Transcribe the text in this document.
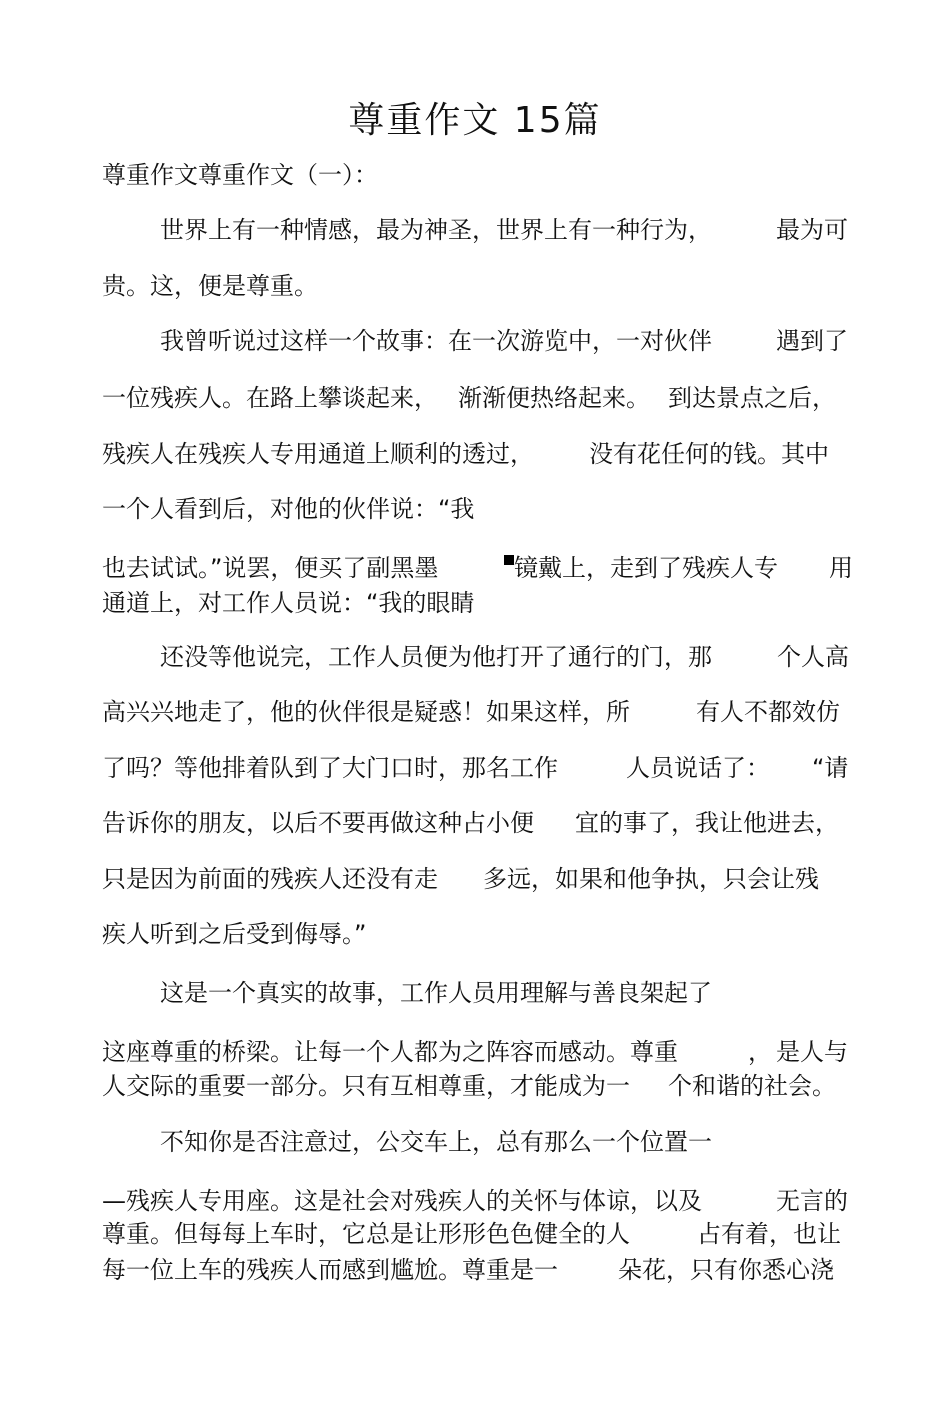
尊重作文 15篇
尊重作文尊重作文（一）：
世界上有一种情感，最为神圣，世界上有一种行为，	最为可
贵。这，便是尊重。
我曾听说过这样一个故事：在一次游览中，一对伙伴	遇到了
一位残疾人。在路上攀谈起来， 渐渐便热络起来。 到达景点之后，
残疾人在残疾人专用通道上顺利的透过， 没有花任何的钱。其中
一个人看到后，对他的伙伴说：“我
也去试试。”说罢，便买了副黑墨	镜戴上，走到了残疾人专 用
通道上，对工作人员说：“我的眼睛
还没等他说完，工作人员便为他打开了通行的门，那	个人高
高兴兴地走了，他的伙伴很是疑惑！如果这样，所	有人不都效仿
了吗？等他排着队到了大门口时，那名工作	人员说话了： “请
告诉你的朋友，以后不要再做这种占小便 宜的事了，我让他进去，
只是因为前面的残疾人还没有走 多远，如果和他争执，只会让残
疾人听到之后受到侮辱。”
这是一个真实的故事，工作人员用理解与善良架起了
这座尊重的桥梁。让每一个人都为之阵容而感动。尊重	， 是人与
人交际的重要一部分。只有互相尊重，才能成为一 个和谐的社会。
不知你是否注意过，公交车上，总有那么一个位置一
—残疾人专用座。这是社会对残疾人的关怀与体谅，以及	无言的
尊重。但每每上车时，它总是让形形色色健全的人	占有着，也让
每一位上车的残疾人而感到尴尬。尊重是一	朵花，只有你悉心浇
